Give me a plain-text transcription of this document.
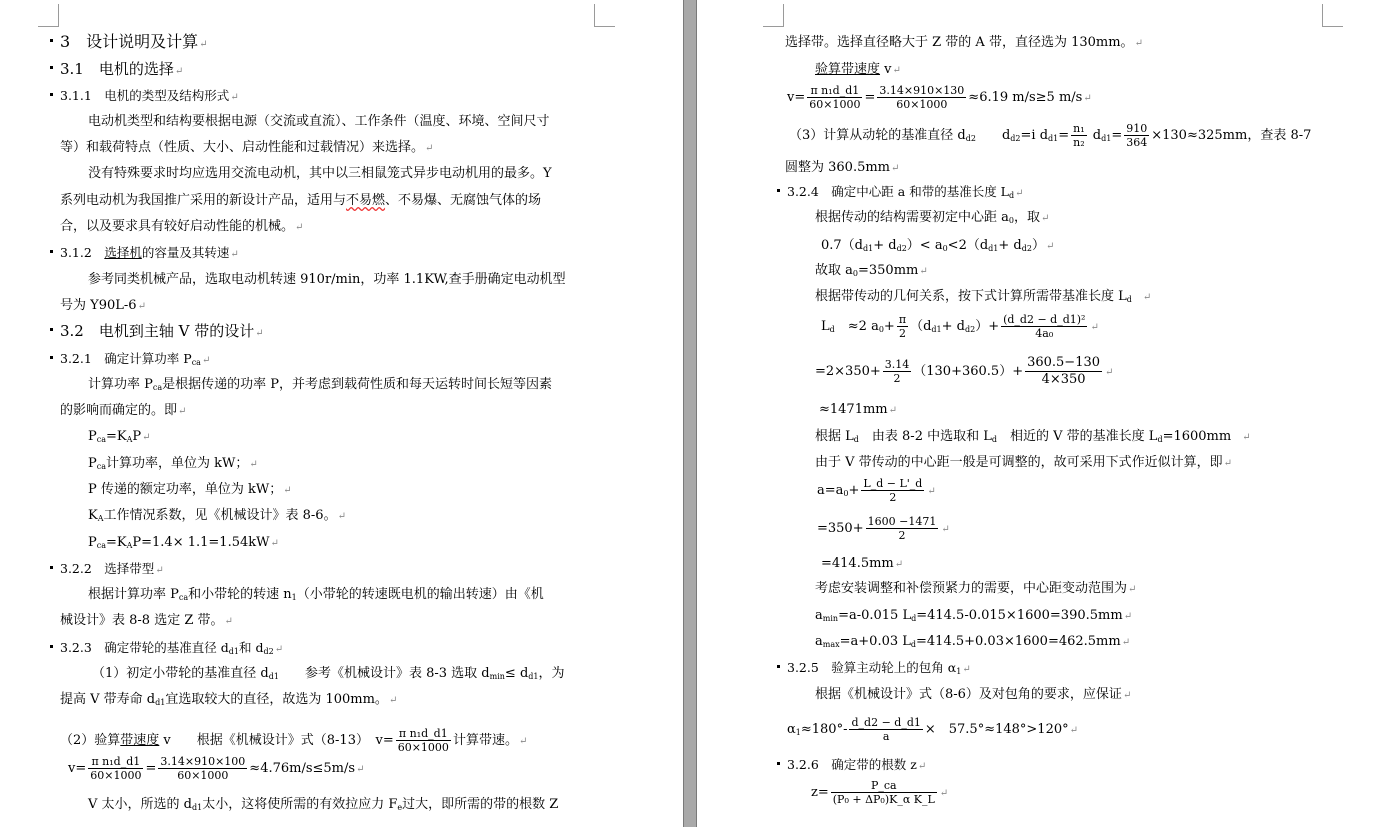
3　设计说明及计算↵
3.1　电机的选择↵
3.1.1　电机的类型及结构形式↵
电动机类型和结构要根据电源（交流或直流）、工作条件（温度、环境、空间尺寸
等）和载荷特点（性质、大小、启动性能和过载情况）来选择。↵
没有特殊要求时均应选用交流电动机，其中以三相鼠笼式异步电动机用的最多。Y
系列电动机为我国推广采用的新设计产品，适用与不易燃、不易爆、无腐蚀气体的场
合，以及要求具有较好启动性能的机械。↵
3.1.2　选择机的容量及其转速↵
参考同类机械产品，选取电动机转速 910r/min，功率 1.1KW,查手册确定电动机型
号为 Y90L-6↵
3.2　电机到主轴 V 带的设计↵
3.2.1　确定计算功率 $P_{ca}↵$
计算功率 $P_{ca}$是根据传递的功率 P，并考虑到载荷性质和每天运转时间长短等因素
的影响而确定的。即↵
$P_{ca}=K_AP↵$
$P_{ca}$计算功率，单位为 kW；↵
P 传递的额定功率，单位为 kW；↵
$K_A$工作情况系数，见《机械设计》表 8-6。↵
$P_{ca}=K_AP=1.4\times$ 1.1=1.54kW↵
3.2.2　选择带型↵
根据计算功率 $P_{ca}$和小带轮的转速 $n_1$（小带轮的转速既电机的输出转速）由《机
械设计》表 8-8 选定 Z 带。↵
3.2.3　确定带轮的基准直径 $d_{d1}$和 $d_{d2}↵$
（1）初定小带轮的基准直径 $d_{d1}$　　 参考《机械设计》表 8-3 选取 $d_{min}\le d_{d1}$，为
提高 V 带寿命 $d_{d1}$宜选取较大的直径，故选为 100mm。↵
（2）验算带速度 v　　根据《机械设计》式（8-13）　$v= \frac{\text{π n₁d\_d1}}{60\times 1000}$ 计算带速。↵
$v= \frac{\text{π n₁d\_d1}}{60\times 1000} = \frac{3.14\times 910\times 100}{60\times 1000}$ ≈4.76m/s≤5m/s↵
V 太小，所选的 $d_{d1}$太小，这将使所需的有效拉应力 $F_e$过大，即所需的带的根数 Z
选择带。选择直径略大于 Z 带的 A 带，直径选为 130mm。↵
验算带速度 v↵
$v= \frac{\text{π n₁d\_d1}}{60\times 1000} = \frac{3.14\times 910\times 130}{60\times 1000} \approx 6.19$ m/s≥5 m/s↵
（3）计算从动轮的基准直径 $d_{d2}$　　 $d_{d2}=i$ $d_{d1}= \frac{\text{n₁}}{\text{n₂}} d_{d1}= \frac{910}{364} \times 130\approx 325mm$，查表 8-7
圆整为 360.5mm↵
3.2.4　确定中心距 a 和带的基准长度 $L_d↵$
根据传动的结构需要初定中心距 $a_0$，取↵
$0.7(d_{d1}+ d_{d2})< a_0<2(d_{d1}+$ $d_{d2})↵$
故取 $a_0=350mm↵$
根据带传动的几何关系，按下式计算所需带基准长度 $L_d$　↵
$L_d$　 ≈2 $a_0+ \frac{\pi}{2} (d_{d1}+ d_{d2})+ \frac{\text{(d\_d2 − d\_d1)²}}{\text{4a₀}}$ ↵
$=2\times 350+ \frac{3.14}{2} (130+360.5)+ \frac{360.5-130}{4\times 350}$ ↵
≈1471mm↵
根据 $L_d$　 由表 8-2 中选取和 $L_d$　 相近的 V 带的基准长度 $L_d=1600mm$　↵
由于 V 带传动的中心距一般是可调整的，故可采用下式作近似计算，即↵
$a=a_0+ \frac{L\_d - L'\_d}{2}$ ↵
$=350+ \frac{1600 -1471}{2}$ ↵
=414.5mm↵
考虑安装调整和补偿预紧力的需要，中心距变动范围为↵
$a_{min}=a-0.015$ $L_d=414.5-0.015\times 1600=390.5mm↵$
$a_{max}=a+0.03$ $L_d=414.5+0.03\times 1600=462.5mm↵$
3.2.5　验算主动轮上的包角 $\alpha_1↵$
根据《机械设计》式（8-6）及对包角的要求，应保证↵
$\alpha_1\approx 180^\circ- \frac{d\_d2 - d\_d1}{a}$ ×　57.5°≈148°>120°↵
3.2.6　确定带的根数 z↵
$z= \frac{P\_ca}{\text{(P₀ + ΔP₀)K\_α K\_L}}$ ↵
